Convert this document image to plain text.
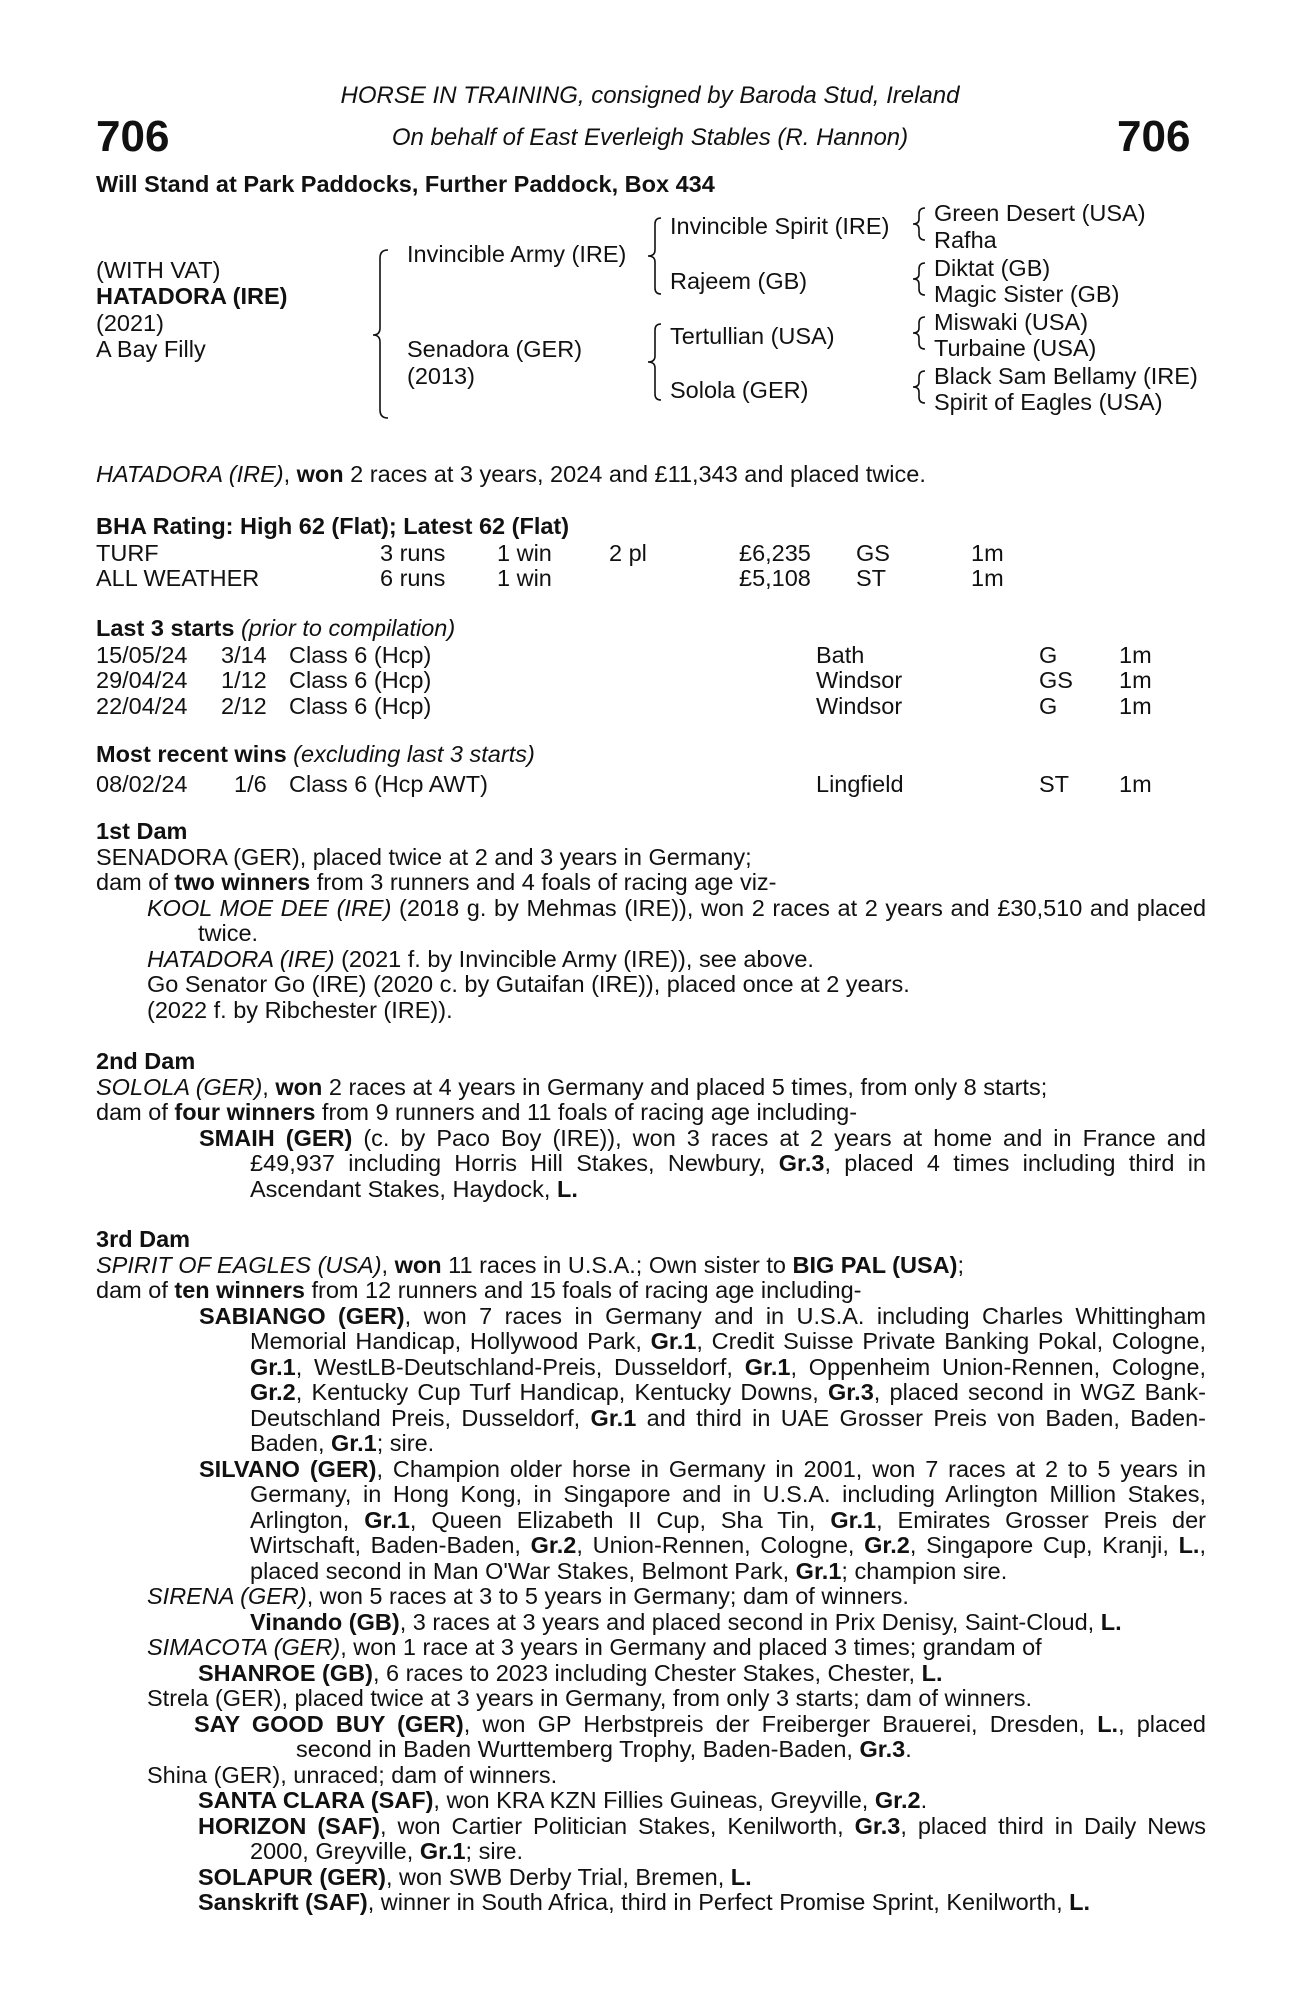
706	706
HORSE IN TRAINING, consigned by Baroda Stud, Ireland
On behalf of East Everleigh Stables (R. Hannon)
Will Stand at Park Paddocks, Further Paddock, Box 434
(WITH VAT)
HATADORA (IRE)
(2021)
A Bay Filly
Invincible Army (IRE)
Senadora (GER)
(2013)
Invincible Spirit (IRE)
Rajeem (GB)
Tertullian (USA)
Solola (GER)
Green Desert (USA)
Rafha
Diktat (GB)
Magic Sister (GB)
Miswaki (USA)
Turbaine (USA)
Black Sam Bellamy (IRE)
Spirit of Eagles (USA)
HATADORA (IRE), won 2 races at 3 years, 2024 and £11,343 and placed twice.
BHA Rating: High 62 (Flat); Latest 62 (Flat)
TURF	3 runs 1 win 2 pl	£6,235 GS	1m
ALL WEATHER	6 runs 1 win	£5,108 ST	1m
Last 3 starts (prior to compilation)
15/05/24 3/14 Class 6 (Hcp)	Bath	G	1m
29/04/24 1/12 Class 6 (Hcp)	Windsor	GS 1m
22/04/24 2/12 Class 6 (Hcp)	Windsor	G	1m
Most recent wins (excluding last 3 starts)
08/02/24 1/6 Class 6 (Hcp AWT)	Lingfield	ST 1m
1st Dam
SENADORA (GER), placed twice at 2 and 3 years in Germany;
dam of two winners from 3 runners and 4 foals of racing age viz-
KOOL MOE DEE (IRE) (2018 g. by Mehmas (IRE)), won 2 races at 2 years and £30,510 and placed twice.
HATADORA (IRE) (2021 f. by Invincible Army (IRE)), see above.
Go Senator Go (IRE) (2020 c. by Gutaifan (IRE)), placed once at 2 years.
(2022 f. by Ribchester (IRE)).
2nd Dam
SOLOLA (GER), won 2 races at 4 years in Germany and placed 5 times, from only 8 starts;
dam of four winners from 9 runners and 11 foals of racing age including-
SMAIH (GER) (c. by Paco Boy (IRE)), won 3 races at 2 years at home and in France and £49,937 including Horris Hill Stakes, Newbury, Gr.3, placed 4 times including third in Ascendant Stakes, Haydock, L.
3rd Dam
SPIRIT OF EAGLES (USA), won 11 races in U.S.A.; Own sister to BIG PAL (USA);
dam of ten winners from 12 runners and 15 foals of racing age including-
SABIANGO (GER), won 7 races in Germany and in U.S.A. including Charles Whittingham Memorial Handicap, Hollywood Park, Gr.1, Credit Suisse Private Banking Pokal, Cologne, Gr.1, WestLB-Deutschland-Preis, Dusseldorf, Gr.1, Oppenheim Union-Rennen, Cologne, Gr.2, Kentucky Cup Turf Handicap, Kentucky Downs, Gr.3, placed second in WGZ Bank-Deutschland Preis, Dusseldorf, Gr.1 and third in UAE Grosser Preis von Baden, Baden-Baden, Gr.1; sire.
SILVANO (GER), Champion older horse in Germany in 2001, won 7 races at 2 to 5 years in Germany, in Hong Kong, in Singapore and in U.S.A. including Arlington Million Stakes, Arlington, Gr.1, Queen Elizabeth II Cup, Sha Tin, Gr.1, Emirates Grosser Preis der Wirtschaft, Baden-Baden, Gr.2, Union-Rennen, Cologne, Gr.2, Singapore Cup, Kranji, L., placed second in Man O'War Stakes, Belmont Park, Gr.1; champion sire.
SIRENA (GER), won 5 races at 3 to 5 years in Germany; dam of winners.
Vinando (GB), 3 races at 3 years and placed second in Prix Denisy, Saint-Cloud, L.
SIMACOTA (GER), won 1 race at 3 years in Germany and placed 3 times; grandam of
SHANROE (GB), 6 races to 2023 including Chester Stakes, Chester, L.
Strela (GER), placed twice at 3 years in Germany, from only 3 starts; dam of winners.
SAY GOOD BUY (GER), won GP Herbstpreis der Freiberger Brauerei, Dresden, L., placed second in Baden Wurttemberg Trophy, Baden-Baden, Gr.3.
Shina (GER), unraced; dam of winners.
SANTA CLARA (SAF), won KRA KZN Fillies Guineas, Greyville, Gr.2.
HORIZON (SAF), won Cartier Politician Stakes, Kenilworth, Gr.3, placed third in Daily News 2000, Greyville, Gr.1; sire.
SOLAPUR (GER), won SWB Derby Trial, Bremen, L.
Sanskrift (SAF), winner in South Africa, third in Perfect Promise Sprint, Kenilworth, L.
